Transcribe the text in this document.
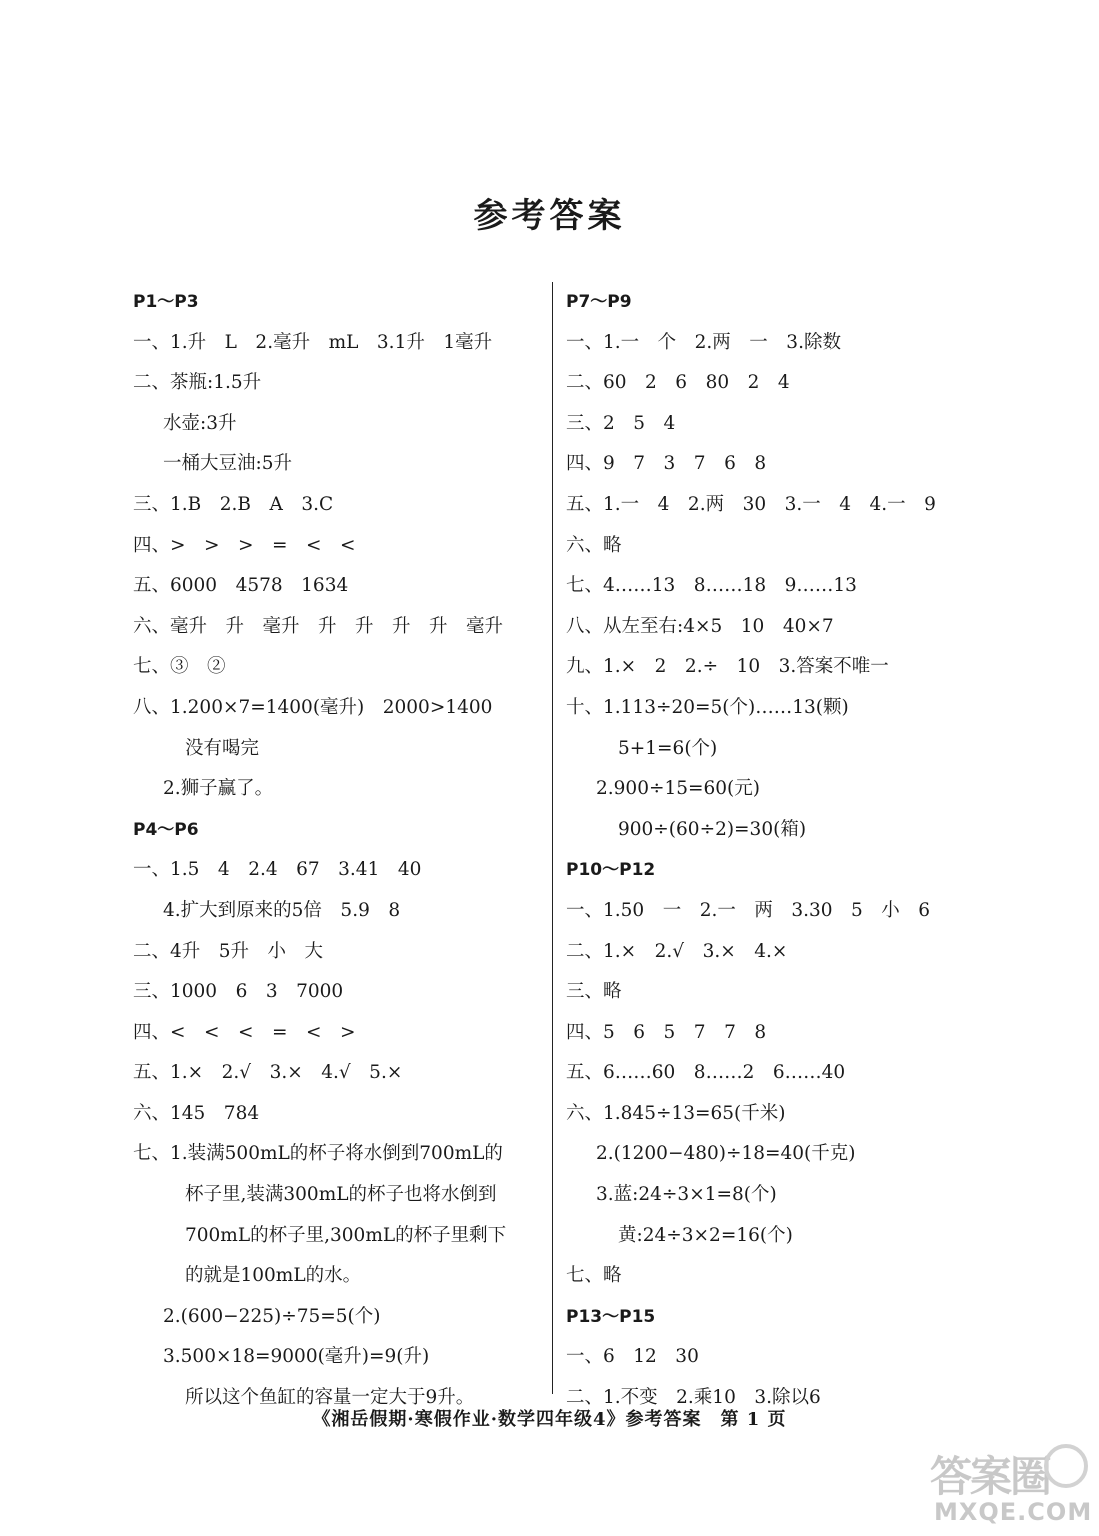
参考答案
P1～P3
一、1.升　L　2.毫升　mL　3.1升　1毫升
二、茶瓶:1.5升
水壶:3升
一桶大豆油:5升
三、1.B　2.B　A　3.C
四、>　>　>　=　<　<
五、6000　4578　1634
六、毫升　升　毫升　升　升　升　升　毫升
七、③　②
八、1.200×7=1400(毫升)　2000>1400
没有喝完
2.狮子赢了。
P4～P6
一、1.5　4　2.4　67　3.41　40
4.扩大到原来的5倍　5.9　8
二、4升　5升　小　大
三、1000　6　3　7000
四、<　<　<　=　<　>
五、1.×　2.√　3.×　4.√　5.×
六、145　784
七、1.装满500mL的杯子将水倒到700mL的
杯子里,装满300mL的杯子也将水倒到
700mL的杯子里,300mL的杯子里剩下
的就是100mL的水。
2.(600−225)÷75=5(个)
3.500×18=9000(毫升)=9(升)
所以这个鱼缸的容量一定大于9升。
P7～P9
一、1.一　个　2.两　一　3.除数
二、60　2　6　80　2　4
三、2　5　4
四、9　7　3　7　6　8
五、1.一　4　2.两　30　3.一　4　4.一　9
六、略
七、4……13　8……18　9……13
八、从左至右:4×5　10　40×7
九、1.×　2　2.÷　10　3.答案不唯一
十、1.113÷20=5(个)……13(颗)
5+1=6(个)
2.900÷15=60(元)
900÷(60÷2)=30(箱)
P10～P12
一、1.50　一　2.一　两　3.30　5　小　6
二、1.×　2.√　3.×　4.×
三、略
四、5　6　5　7　7　8
五、6……60　8……2　6……40
六、1.845÷13=65(千米)
2.(1200−480)÷18=40(千克)
3.蓝:24÷3×1=8(个)
黄:24÷3×2=16(个)
七、略
P13～P15
一、6　12　30
二、1.不变　2.乘10　3.除以6
《湘岳假期·寒假作业·数学四年级4》参考答案　第 1 页
答案圈
MXQE.COM
